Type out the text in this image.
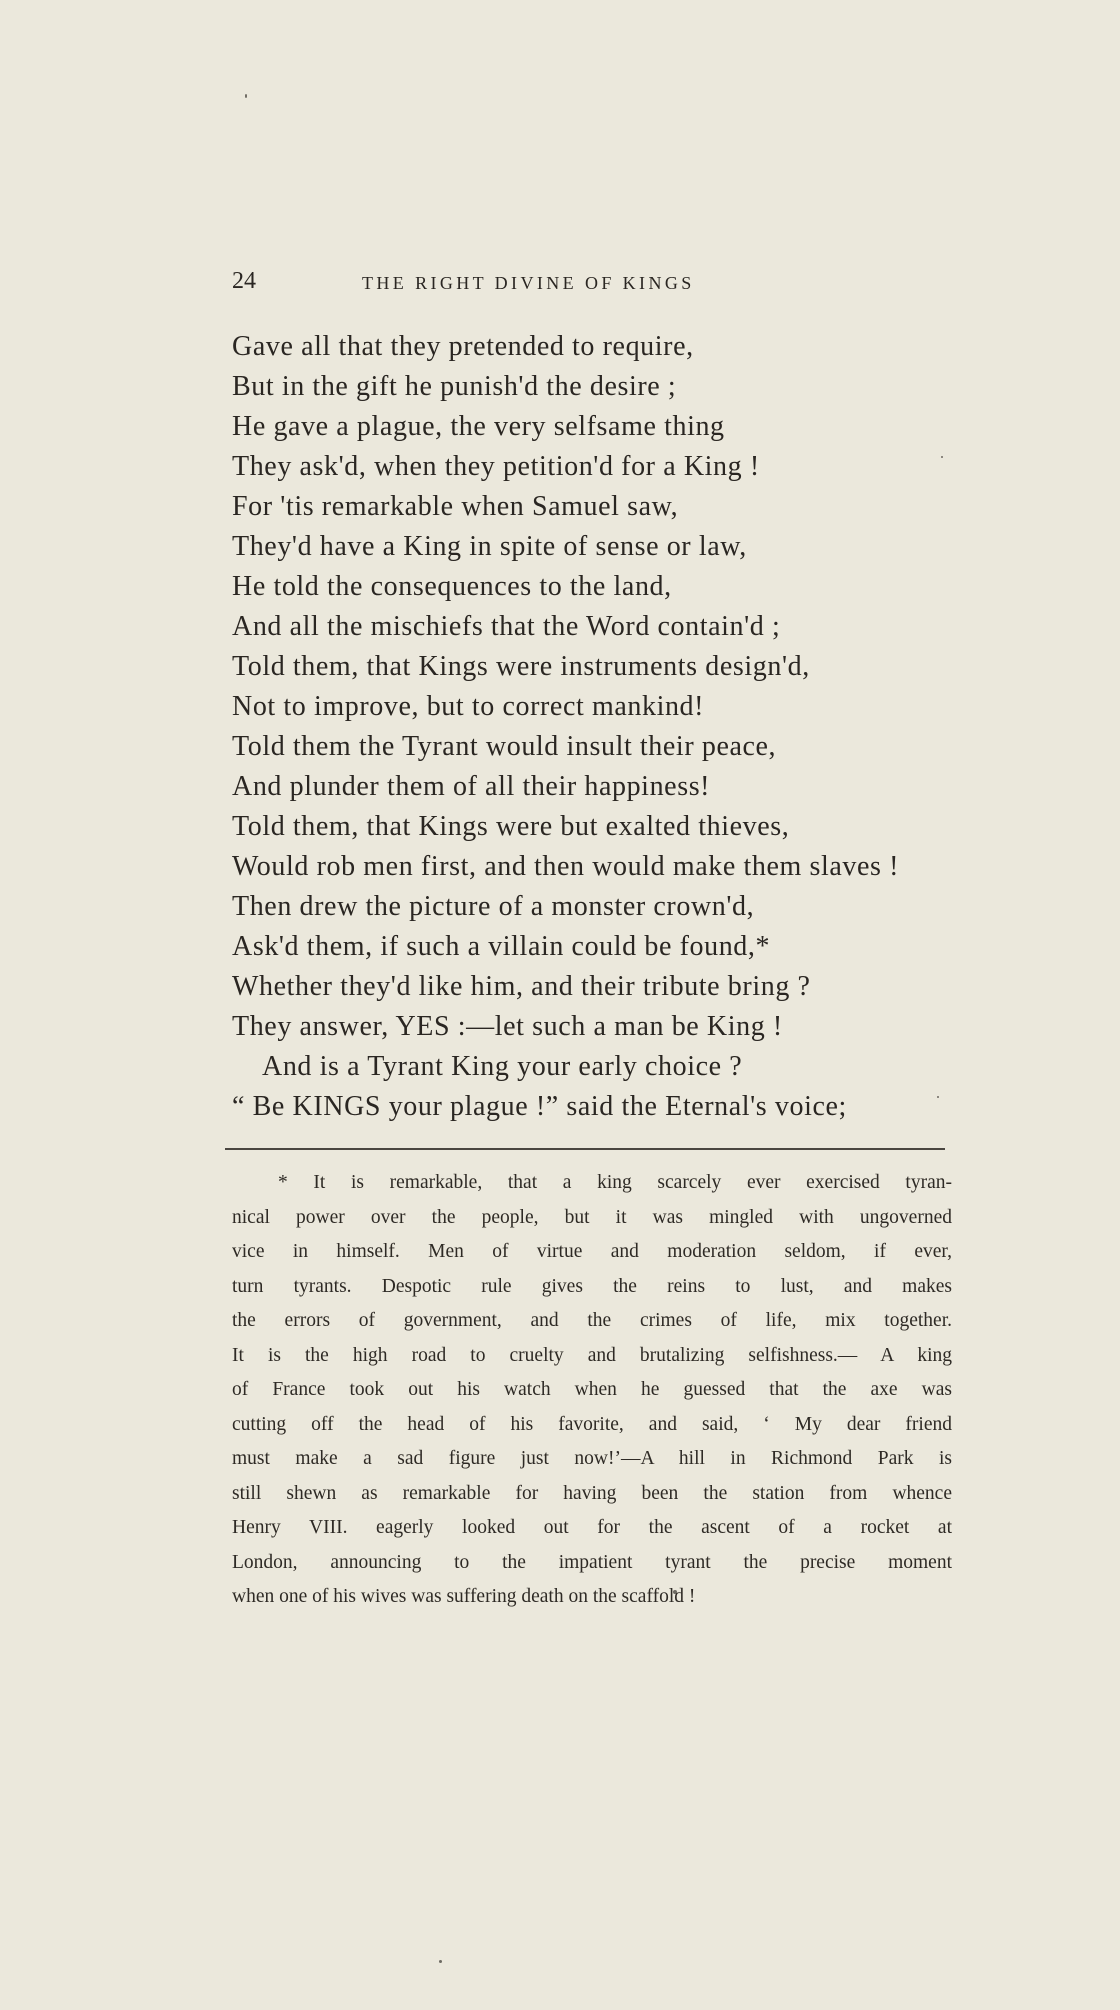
24	THE RIGHT DIVINE OF KINGS
Gave all that they pretended to require,
But in the gift he punish'd the desire ;
He gave a plague, the very selfsame thing
They ask'd, when they petition'd for a King !
For 'tis remarkable when Samuel saw,
They'd have a King in spite of sense or law,
He told the consequences to the land,
And all the mischiefs that the Word contain'd ;
Told them, that Kings were instruments design'd,
Not to improve, but to correct mankind!
Told them the Tyrant would insult their peace,
And plunder them of all their happiness!
Told them, that Kings were but exalted thieves,
Would rob men first, and then would make them slaves !
Then drew the picture of a monster crown'd,
Ask'd them, if such a villain could be found,*
Whether they'd like him, and their tribute bring ?
They answer, YES :—let such a man be King !
And is a Tyrant King your early choice ?
“ Be KINGS your plague !” said the Eternal's voice;
* It is remarkable, that a king scarcely ever exercised tyran-
nical power over the people, but it was mingled with ungoverned
vice in himself. Men of virtue and moderation seldom, if ever,
turn tyrants. Despotic rule gives the reins to lust, and makes
the errors of government, and the crimes of life, mix together.
It is the high road to cruelty and brutalizing selfishness.— A king
of France took out his watch when he guessed that the axe was
cutting off the head of his favorite, and said, ‘ My dear friend
must make a sad figure just now!’—A hill in Richmond Park is
still shewn as remarkable for having been the station from whence
Henry VIII. eagerly looked out for the ascent of a rocket at
London, announcing to the impatient tyrant the precise moment
when one of his wives was suffering death on the scaffold !
